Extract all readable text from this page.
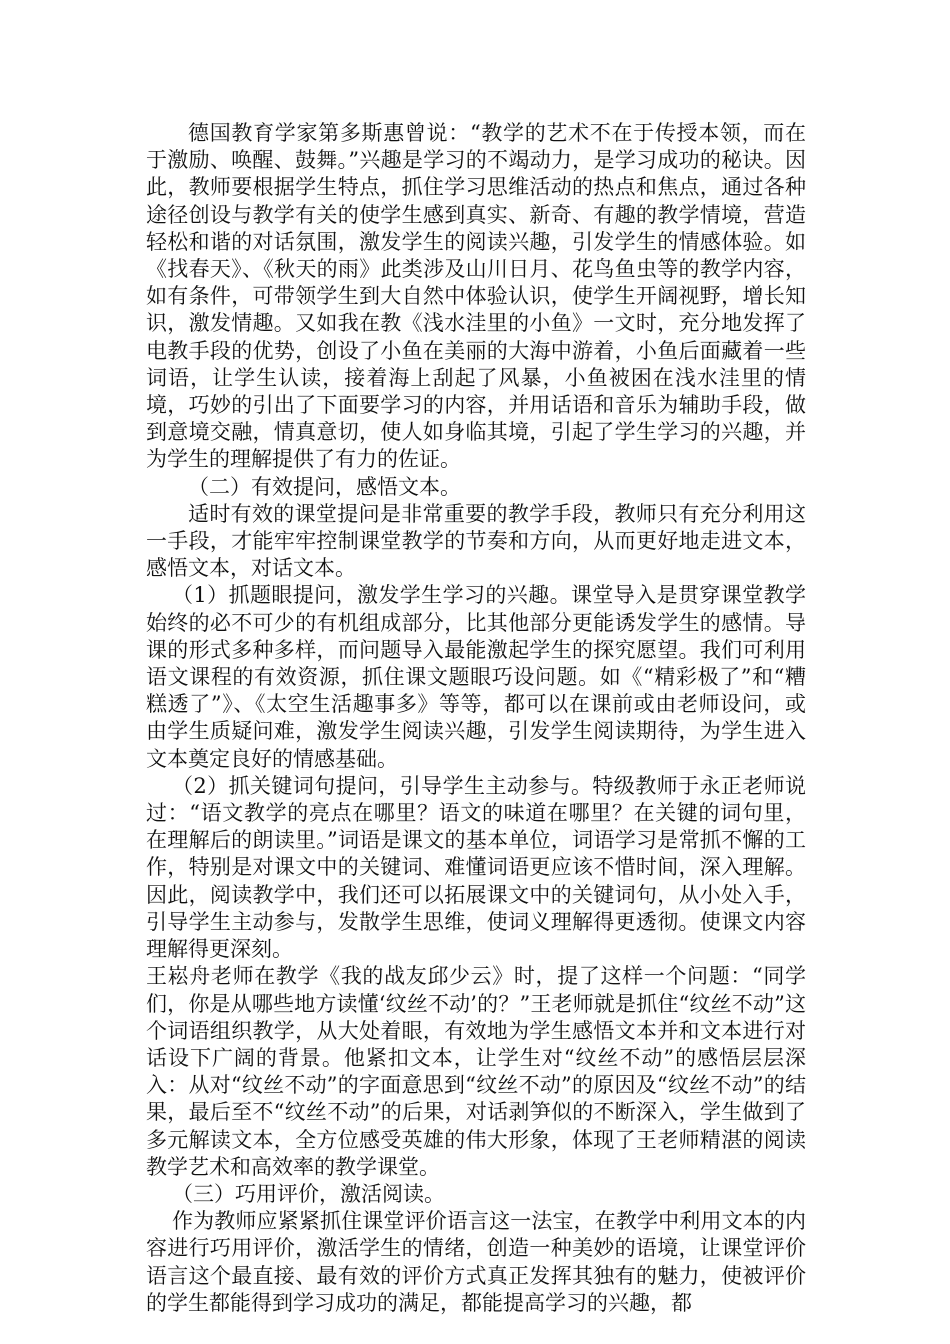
德国教育学家第多斯惠曾说：“教学的艺术不在于传授本领，而在于激励、唤醒、鼓舞。”兴趣是学习的不竭动力，是学习成功的秘诀。因此，教师要根据学生特点，抓住学习思维活动的热点和焦点，通过各种途径创设与教学有关的使学生感到真实、新奇、有趣的教学情境，营造轻松和谐的对话氛围，激发学生的阅读兴趣，引发学生的情感体验。如《找春天》、《秋天的雨》此类涉及山川日月、花鸟鱼虫等的教学内容，如有条件，可带领学生到大自然中体验认识，使学生开阔视野，增长知识，激发情趣。又如我在教《浅水洼里的小鱼》一文时，充分地发挥了电教手段的优势，创设了小鱼在美丽的大海中游着，小鱼后面藏着一些词语，让学生认读，接着海上刮起了风暴，小鱼被困在浅水洼里的情境，巧妙的引出了下面要学习的内容，并用话语和音乐为辅助手段，做到意境交融，情真意切，使人如身临其境，引起了学生学习的兴趣，并为学生的理解提供了有力的佐证。

（二）有效提问，感悟文本。

适时有效的课堂提问是非常重要的教学手段，教师只有充分利用这一手段，才能牢牢控制课堂教学的节奏和方向，从而更好地走进文本，感悟文本，对话文本。

（1）抓题眼提问，激发学生学习的兴趣。课堂导入是贯穿课堂教学始终的必不可少的有机组成部分，比其他部分更能诱发学生的感情。导课的形式多种多样，而问题导入最能激起学生的探究愿望。我们可利用语文课程的有效资源，抓住课文题眼巧设问题。如《“精彩极了”和“糟糕透了”》、《太空生活趣事多》等等，都可以在课前或由老师设问，或由学生质疑问难，激发学生阅读兴趣，引发学生阅读期待，为学生进入文本奠定良好的情感基础。

（2）抓关键词句提问，引导学生主动参与。特级教师于永正老师说过：“语文教学的亮点在哪里？语文的味道在哪里？在关键的词句里，在理解后的朗读里。”词语是课文的基本单位，词语学习是常抓不懈的工作，特别是对课文中的关键词、难懂词语更应该不惜时间，深入理解。因此，阅读教学中，我们还可以拓展课文中的关键词句，从小处入手，引导学生主动参与，发散学生思维，使词义理解得更透彻。使课文内容理解得更深刻。

王崧舟老师在教学《我的战友邱少云》时，提了这样一个问题：“同学们，你是从哪些地方读懂‘纹丝不动’的？”王老师就是抓住“纹丝不动”这个词语组织教学，从大处着眼，有效地为学生感悟文本并和文本进行对话设下广阔的背景。他紧扣文本，让学生对“纹丝不动”的感悟层层深入：从对“纹丝不动”的字面意思到“纹丝不动”的原因及“纹丝不动”的结果，最后至不“纹丝不动”的后果，对话剥笋似的不断深入，学生做到了多元解读文本，全方位感受英雄的伟大形象，体现了王老师精湛的阅读教学艺术和高效率的教学课堂。

（三）巧用评价，激活阅读。

作为教师应紧紧抓住课堂评价语言这一法宝，在教学中利用文本的内容进行巧用评价，激活学生的情绪，创造一种美妙的语境，让课堂评价语言这个最直接、最有效的评价方式真正发挥其独有的魅力，使被评价的学生都能得到学习成功的满足，都能提高学习的兴趣，都
